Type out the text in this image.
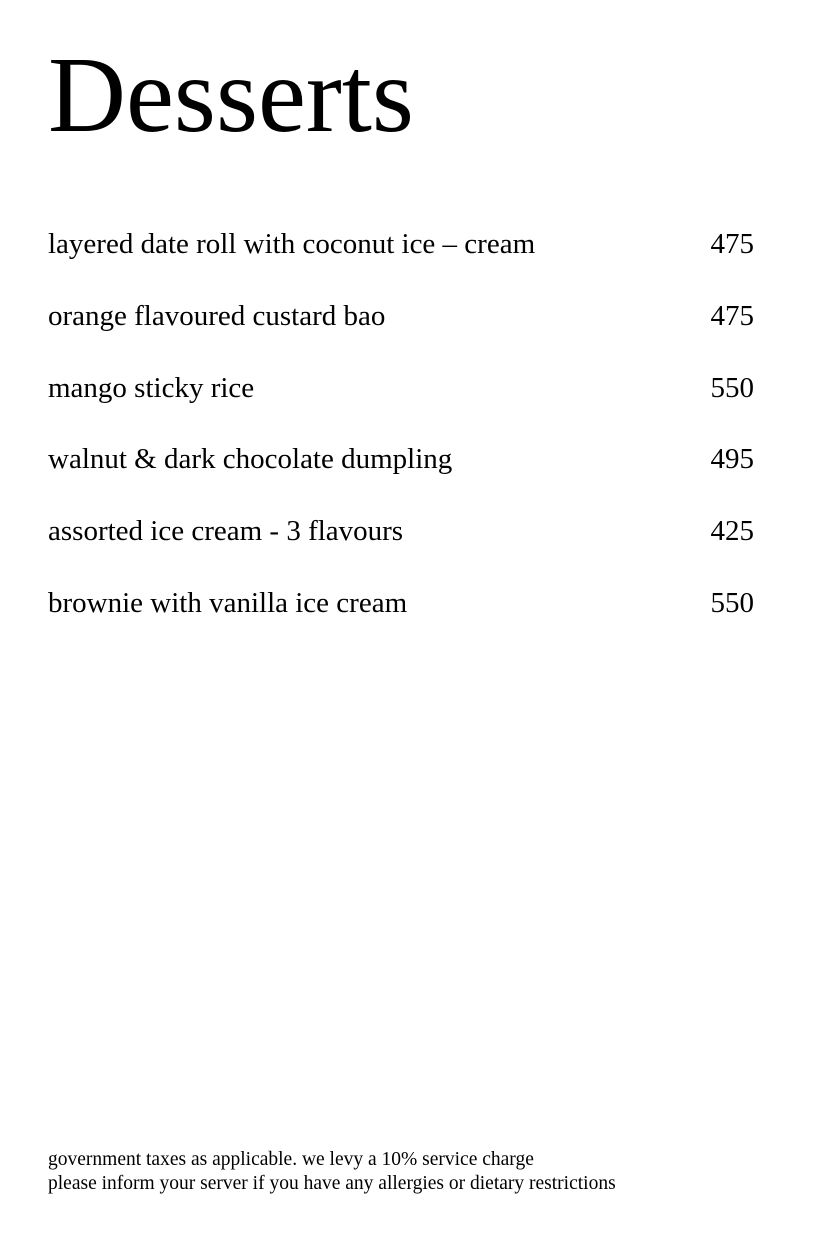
Desserts
layered date roll with coconut ice – cream	475
orange flavoured custard bao	475
mango sticky rice	550
walnut & dark chocolate dumpling	495
assorted ice cream - 3 flavours	425
brownie with vanilla ice cream	550
government taxes as applicable. we levy a 10% service charge
please inform your server if you have any allergies or dietary restrictions
